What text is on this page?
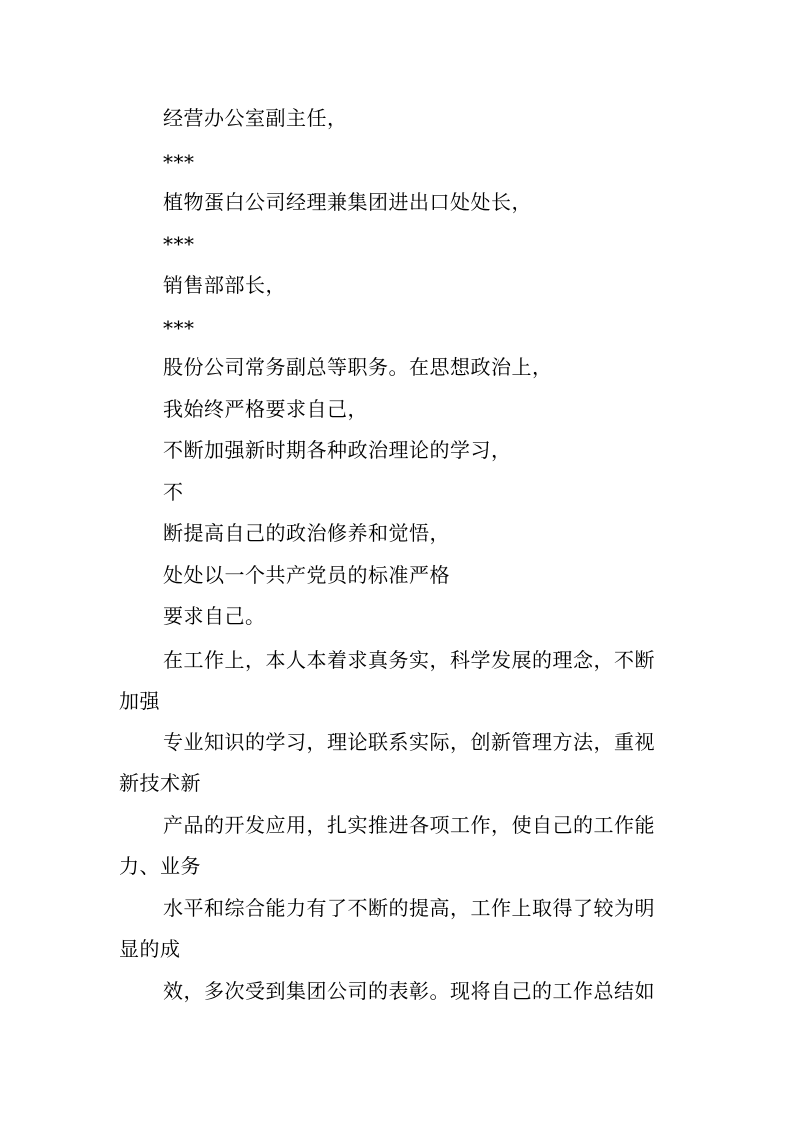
经营办公室副主任，
***
植物蛋白公司经理兼集团进出口处处长，
***
销售部部长，
***
股份公司常务副总等职务。在思想政治上，
我始终严格要求自己，
不断加强新时期各种政治理论的学习，
不
断提高自己的政治修养和觉悟，
处处以一个共产党员的标准严格
要求自己。
在工作上，本人本着求真务实，科学发展的理念，不断
加强
专业知识的学习，理论联系实际，创新管理方法，重视
新技术新
产品的开发应用，扎实推进各项工作，使自己的工作能
力、业务
水平和综合能力有了不断的提高，工作上取得了较为明
显的成
效，多次受到集团公司的表彰。现将自己的工作总结如
